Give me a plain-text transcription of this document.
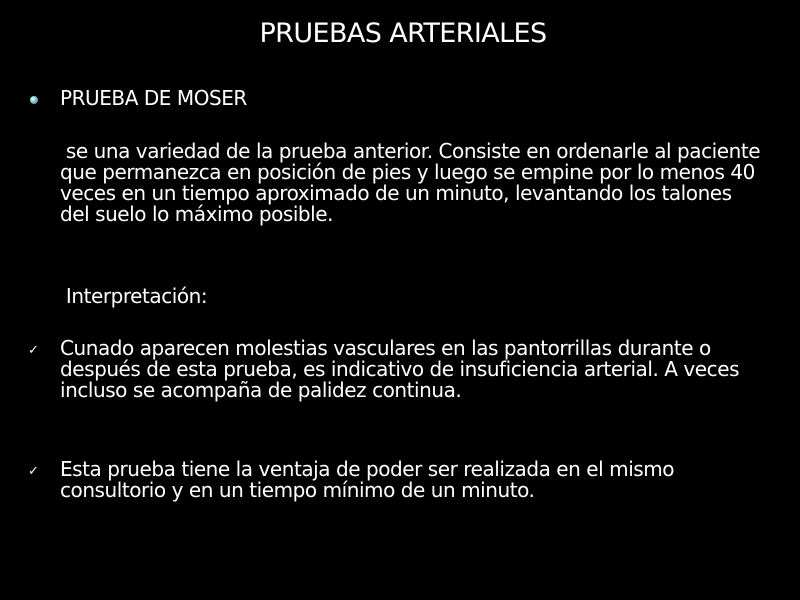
PRUEBAS ARTERIALES
PRUEBA DE MOSER
se una variedad de la prueba anterior. Consiste en ordenarle al paciente
que permanezca en posición de pies y luego se empine por lo menos 40
veces en un tiempo aproximado de un minuto, levantando los talones
del suelo lo máximo posible.
Interpretación:
✓ Cunado aparecen molestias vasculares en las pantorrillas durante o
después de esta prueba, es indicativo de insuficiencia arterial. A veces
incluso se acompaña de palidez continua.
✓ Esta prueba tiene la ventaja de poder ser realizada en el mismo
consultorio y en un tiempo mínimo de un minuto.
